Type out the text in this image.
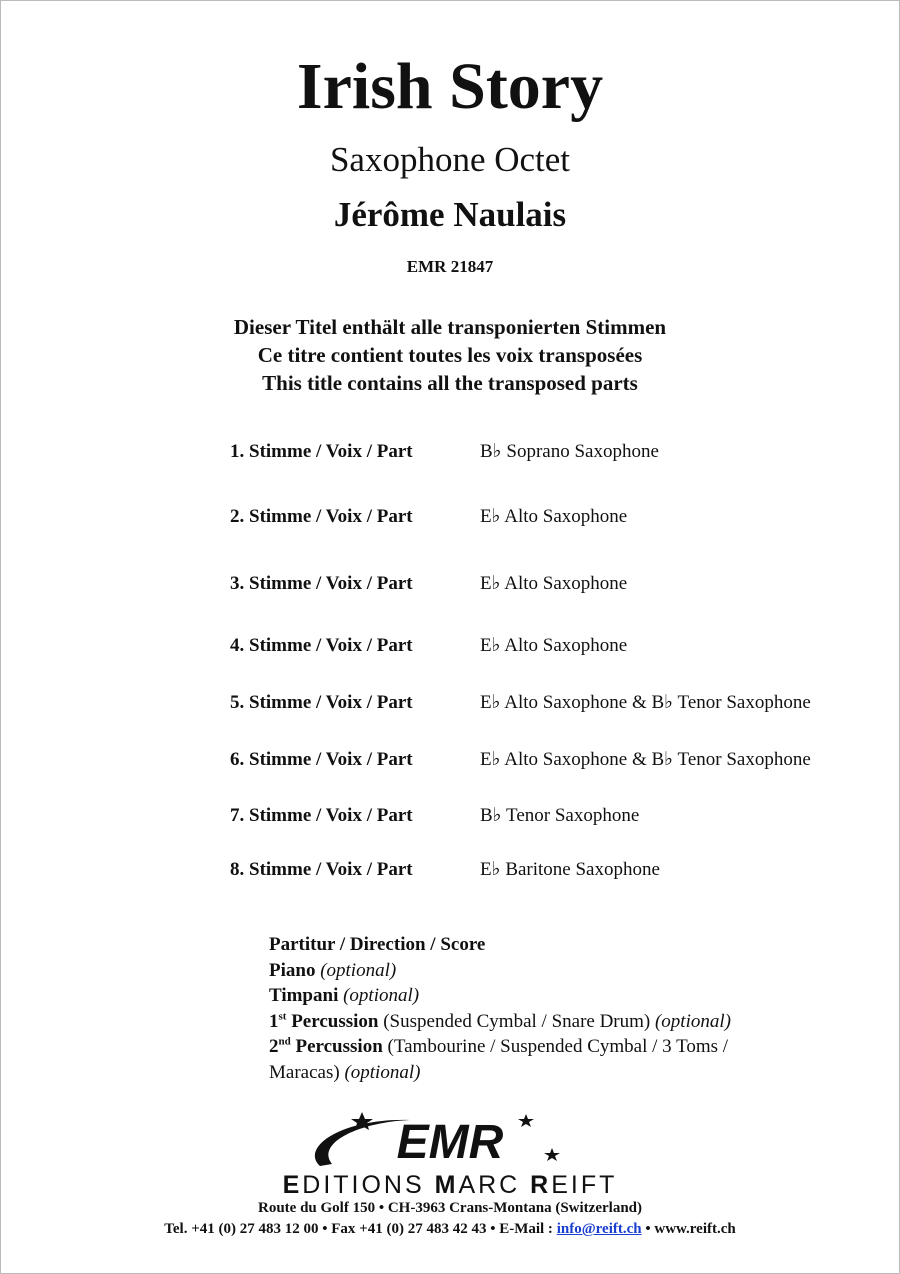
Irish Story
Saxophone Octet
Jérôme Naulais
EMR 21847
Dieser Titel enthält alle transponierten Stimmen
Ce titre contient toutes les voix transposées
This title contains all the transposed parts
1. Stimme / Voix / Part	B♭ Soprano Saxophone
2. Stimme / Voix / Part	E♭ Alto Saxophone
3. Stimme / Voix / Part	E♭ Alto Saxophone
4. Stimme / Voix / Part	E♭ Alto Saxophone
5. Stimme / Voix / Part	E♭ Alto Saxophone & B♭ Tenor Saxophone
6. Stimme / Voix / Part	E♭ Alto Saxophone & B♭ Tenor Saxophone
7. Stimme / Voix / Part	B♭ Tenor Saxophone
8. Stimme / Voix / Part	E♭ Baritone Saxophone
Partitur / Direction / Score
Piano (optional)
Timpani (optional)
1st Percussion (Suspended Cymbal / Snare Drum) (optional)
2nd Percussion (Tambourine / Suspended Cymbal / 3 Toms /
Maracas) (optional)
EMR
EDITIONS MARC REIFT
Route du Golf 150 • CH-3963 Crans-Montana (Switzerland)
Tel. +41 (0) 27 483 12 00 • Fax +41 (0) 27 483 42 43 • E-Mail : info@reift.ch • www.reift.ch
